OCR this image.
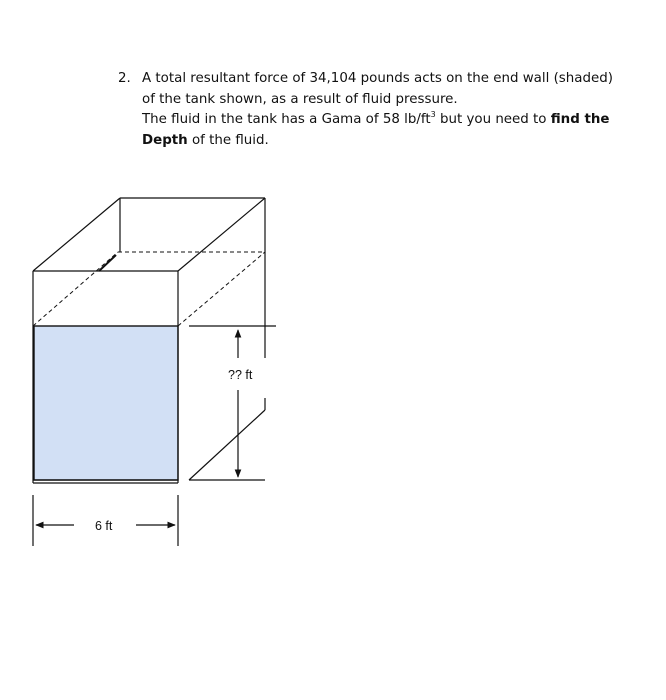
2. A total resultant force of 34,104 pounds acts on the end wall (shaded)
of the tank shown, as a result of fluid pressure.
The fluid in the tank has a Gama of 58 $lb/ft^3$ but you need to find the
Depth of the fluid.
?? ft
6 ft
